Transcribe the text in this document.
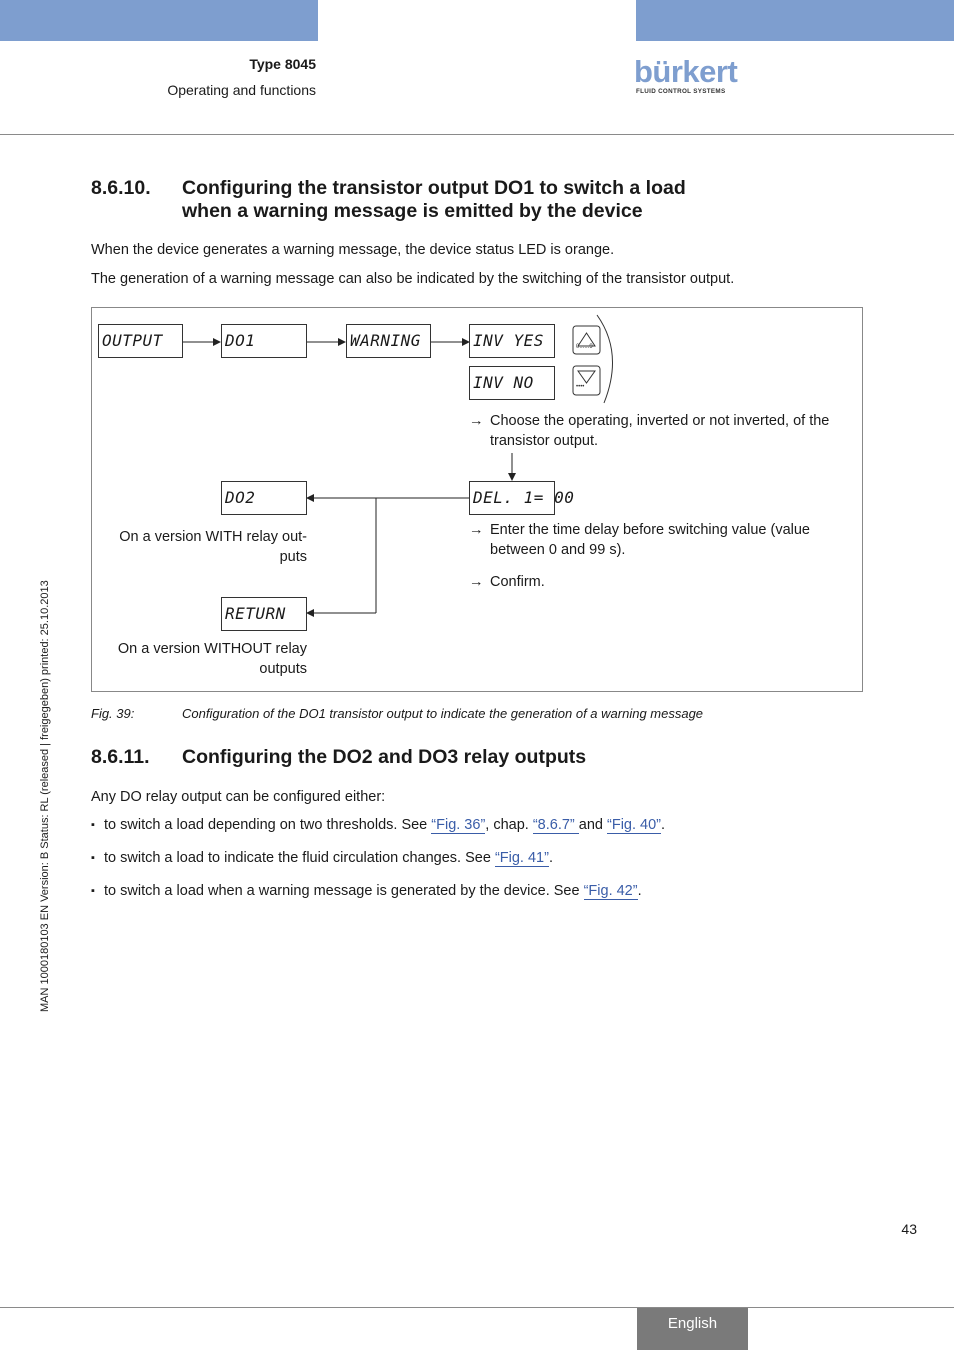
Type 8045
Operating and functions
bürkert
FLUID CONTROL SYSTEMS
MAN 1000180103 EN Version: B Status: RL (released | freigegeben) printed: 25.10.2013
8.6.10. Configuring the transistor output DO1 to switch a load
when a warning message is emitted by the device
When the device generates a warning message, the device status LED is orange.
The generation of a warning message can also be indicated by the switching of the transistor output.
0......9
••••
OUTPUT	DO1	WARNING	INV YES
INV NO
DEL. 1= 00
DO2
RETURN
→ Choose the operating, inverted or not inverted, of the
transistor output.
→ Enter the time delay before switching value (value
between 0 and 99 s).
→ Confirm.
On a version WITH relay out-
puts
On a version WITHOUT relay
outputs
Fig. 39:	Configuration of the DO1 transistor output to indicate the generation of a warning message
8.6.11. Configuring the DO2 and DO3 relay outputs
Any DO relay output can be configured either:
▪ to switch a load depending on two thresholds. See “Fig. 36”, chap. “8.6.7” and “Fig. 40”.
▪ to switch a load to indicate the fluid circulation changes. See “Fig. 41”.
▪ to switch a load when a warning message is generated by the device. See “Fig. 42”.
43
English
